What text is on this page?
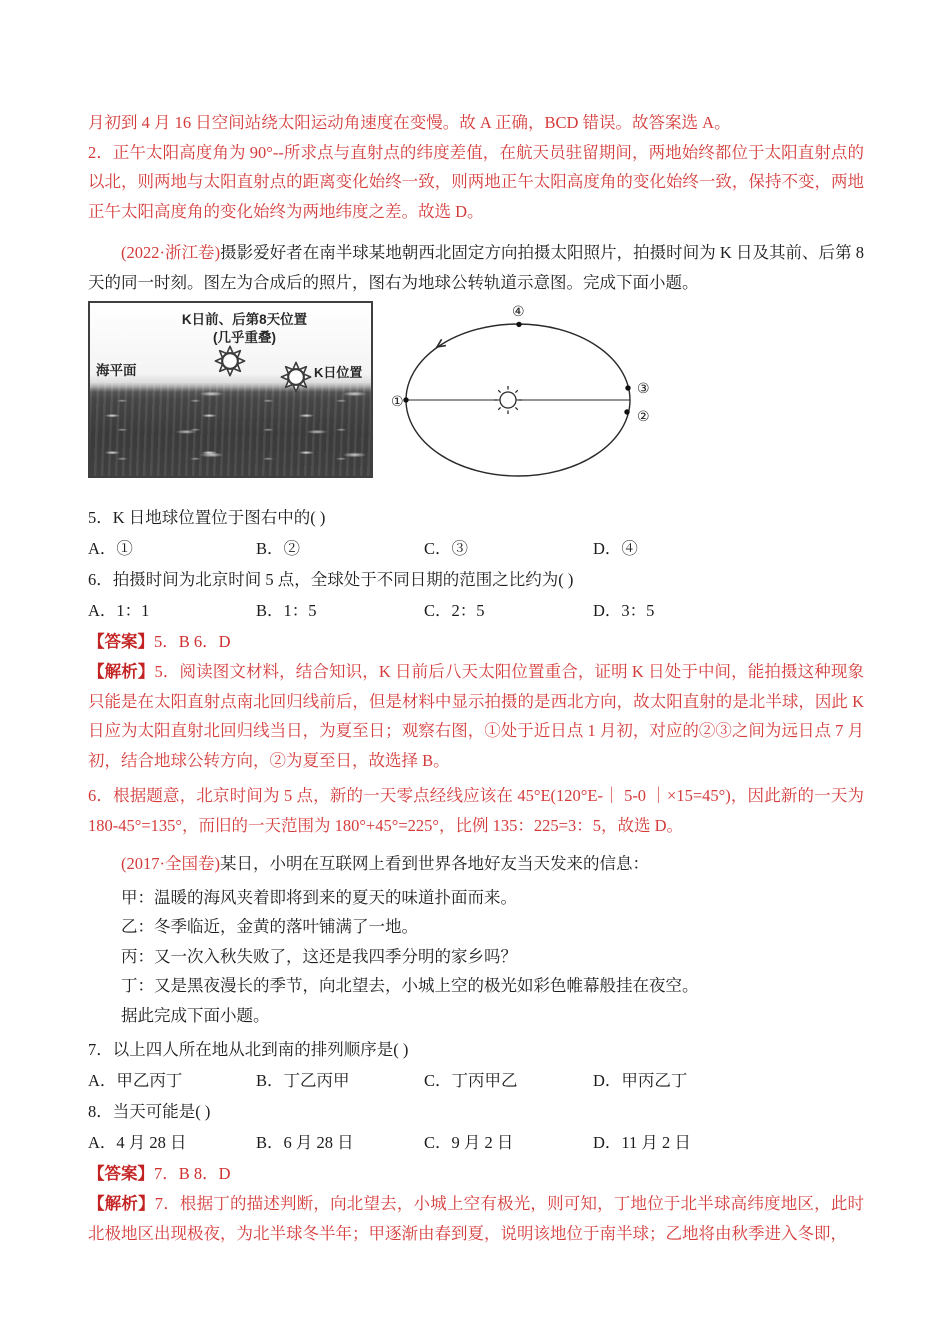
月初到 4 月 16 日空间站绕太阳运动角速度在变慢。故 A 正确，BCD 错误。故答案选 A。

2．正午太阳高度角为 90°--所求点与直射点的纬度差值，在航天员驻留期间，两地始终都位于太阳直射点的以北，则两地与太阳直射点的距离变化始终一致，则两地正午太阳高度角的变化始终一致，保持不变，两地正午太阳高度角的变化始终为两地纬度之差。故选 D。

(2022·浙江卷)摄影爱好者在南半球某地朝西北固定方向拍摄太阳照片，拍摄时间为 K 日及其前、后第 8 天的同一时刻。图左为合成后的照片，图右为地球公转轨道示意图。完成下面小题。

K日前、后第8天位置
(几乎重叠)
海平面	K日位置
①
④
③
②

5．K 日地球位置位于图右中的( )

A．①	B．②	C．③	D．④

6．拍摄时间为北京时间 5 点，全球处于不同日期的范围之比约为( )

A．1：1	B．1：5	C．2：5	D．3：5

【答案】5．B 6．D

【解析】5．阅读图文材料，结合知识，K 日前后八天太阳位置重合，证明 K 日处于中间，能拍摄这种现象只能是在太阳直射点南北回归线前后，但是材料中显示拍摄的是西北方向，故太阳直射的是北半球，因此 K 日应为太阳直射北回归线当日，为夏至日；观察右图，①处于近日点 1 月初，对应的②③之间为远日点 7 月初，结合地球公转方向，②为夏至日，故选择 B。

6．根据题意，北京时间为 5 点，新的一天零点经线应该在 45°E(120°E-｜ 5-0 ｜×15=45°)，因此新的一天为 180-45°=135°，而旧的一天范围为 180°+45°=225°，比例 135：225=3：5，故选 D。

(2017·全国卷)某日，小明在互联网上看到世界各地好友当天发来的信息：

甲：温暖的海风夹着即将到来的夏天的味道扑面而来。

乙：冬季临近，金黄的落叶铺满了一地。

丙：又一次入秋失败了，这还是我四季分明的家乡吗？

丁：又是黑夜漫长的季节，向北望去，小城上空的极光如彩色帷幕般挂在夜空。

据此完成下面小题。

7．以上四人所在地从北到南的排列顺序是( )

A．甲乙丙丁	B．丁乙丙甲	C．丁丙甲乙	D．甲丙乙丁

8．当天可能是( )

A．4 月 28 日	B．6 月 28 日	C．9 月 2 日	D．11 月 2 日

【答案】7．B 8．D

【解析】7．根据丁的描述判断，向北望去，小城上空有极光，则可知，丁地位于北半球高纬度地区，此时北极地区出现极夜，为北半球冬半年；甲逐渐由春到夏，说明该地位于南半球；乙地将由秋季进入冬即，
